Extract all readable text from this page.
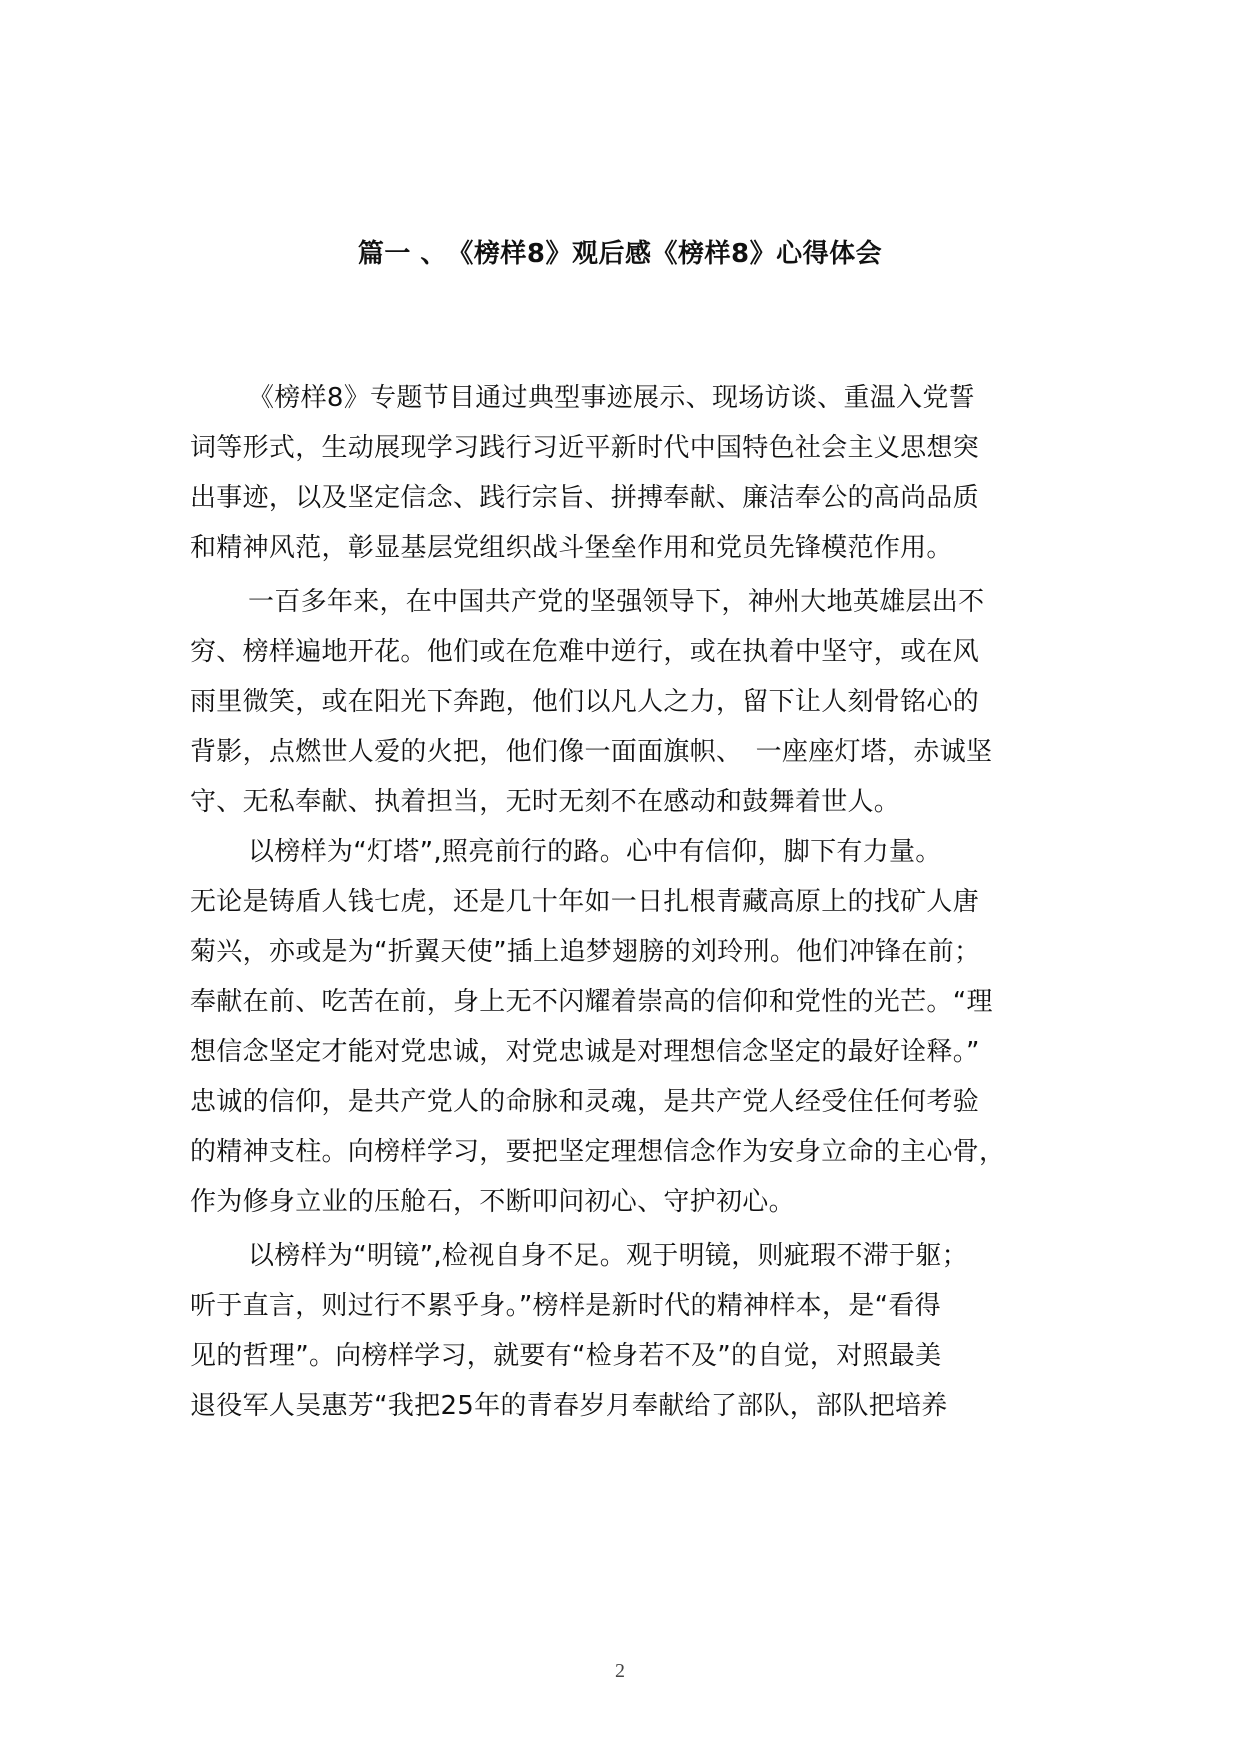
篇一 、　《榜样8》观后感《榜样8》心得体会
《榜样8》专题节目通过典型事迹展示、现场访谈、重温入党誓
词等形式，生动展现学习践行习近平新时代中国特色社会主义思想突
出事迹，以及坚定信念、践行宗旨、拼搏奉献、廉洁奉公的高尚品质
和精神风范，彰显基层党组织战斗堡垒作用和党员先锋模范作用。
一百多年来，在中国共产党的坚强领导下，神州大地英雄层出不
穷、榜样遍地开花。他们或在危难中逆行，或在执着中坚守，或在风
雨里微笑，或在阳光下奔跑，他们以凡人之力，留下让人刻骨铭心的
背影，点燃世人爱的火把，他们像一面面旗帜、　一座座灯塔，赤诚坚
守、无私奉献、执着担当，无时无刻不在感动和鼓舞着世人。
以榜样为“灯塔”,照亮前行的路。心中有信仰，脚下有力量。
无论是铸盾人钱七虎，还是几十年如一日扎根青藏高原上的找矿人唐
菊兴，亦或是为“折翼天使”插上追梦翅膀的刘玲刑。他们冲锋在前；
奉献在前、吃苦在前，身上无不闪耀着崇高的信仰和党性的光芒。“理
想信念坚定才能对党忠诚，对党忠诚是对理想信念坚定的最好诠释。”
忠诚的信仰，是共产党人的命脉和灵魂，是共产党人经受住任何考验
的精神支柱。向榜样学习，要把坚定理想信念作为安身立命的主心骨，
作为修身立业的压舱石，不断叩问初心、守护初心。
以榜样为“明镜”,检视自身不足。观于明镜，则疵瑕不滞于躯；
听于直言，则过行不累乎身。”榜样是新时代的精神样本，是“看得
见的哲理”。向榜样学习，就要有“检身若不及”的自觉，对照最美
退役军人吴惠芳“我把25年的青春岁月奉献给了部队，部队把培养
2
